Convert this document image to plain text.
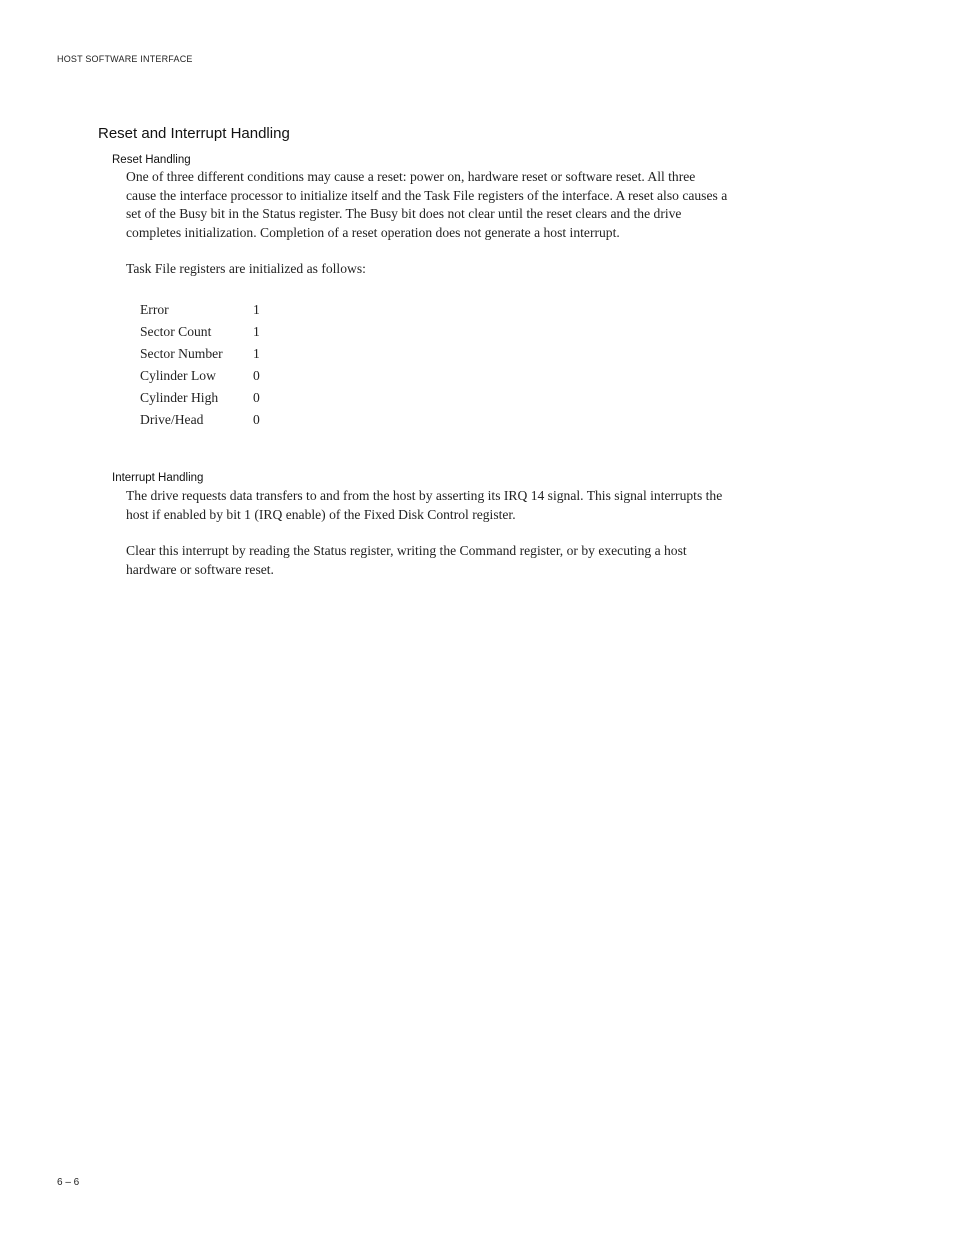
HOST SOFTWARE INTERFACE
Reset and Interrupt Handling
Reset Handling
One of three different conditions may cause a reset: power on, hardware reset or software reset. All three
cause the interface processor to initialize itself and the Task File registers of the interface. A reset also causes a
set of the Busy bit in the Status register. The Busy bit does not clear until the reset clears and the drive
completes initialization. Completion of a reset operation does not generate a host interrupt.
Task File registers are initialized as follows:
Error	1
Sector Count	1
Sector Number	1
Cylinder Low	0
Cylinder High	0
Drive/Head	0
Interrupt Handling
The drive requests data transfers to and from the host by asserting its IRQ 14 signal. This signal interrupts the
host if enabled by bit 1 (IRQ enable) of the Fixed Disk Control register.
Clear this interrupt by reading the Status register, writing the Command register, or by executing a host
hardware or software reset.
6 – 6
